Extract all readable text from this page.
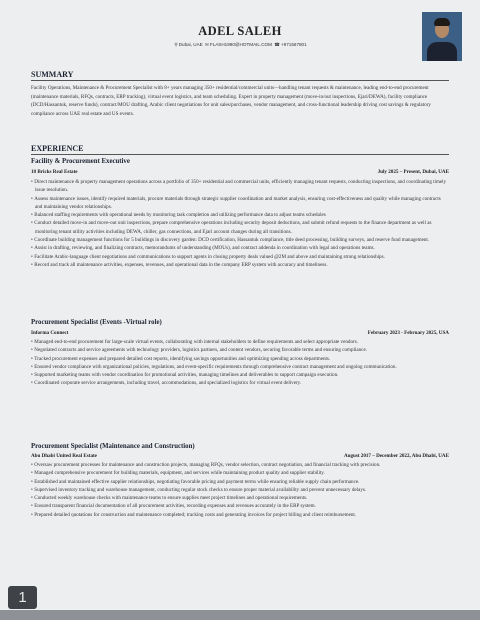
ADEL SALEH
⚲Dubai, UAE ✉FLASH1990@HOTMAIL.COM ☎+971567801
SUMMARY
Facility Operations, Maintenance & Procurement Specialist with 8+ years managing 350+ residential/commercial units—handling tenant requests & maintenance, leading end-to-end procurement (maintenance materials, RFQs, contracts, ERP tracking), virtual event logistics, and team scheduling. Expert in property management (move-in/out inspections, Ejari/DEWA), facility compliance (DCD/Hassantuk, reserve funds), contract/MOU drafting, Arabic client negotiations for unit sales/purchases, vendor management, and cross-functional leadership driving cost savings & regulatory compliance across UAE real estate and US events.
EXPERIENCE
Facility & Procurement Executive
18 Bricks Real Estate	July 2025 – Present, Dubai, UAE
• Direct maintenance & property management operations across a portfolio of 350+ residential and commercial units, efficiently managing tenant requests, conducting inspections, and coordinating timely issue resolution.
• Assess maintenance issues, identify required materials, procure materials through strategic supplier coordination and market analysis, ensuring cost-effectiveness and quality while managing contracts and maintaining vendor relationships.
• Balanced staffing requirements with operational needs by monitoring task completion and utilizing performance data to adjust teams schedules
• Conduct detailed move-in and move-out unit inspections, prepare comprehensive operations including security deposit deductions, and submit refund requests to the finance department as well as monitoring tenant utility activities including DEWA, chiller, gas connections, and Ejari account changes during all transitions.
• Coordinate building management functions for 5 buildings in discovery garden: DCD certification, Hassantuk compliance, title deed processing, building surveys, and reserve fund management.
• Assist in drafting, reviewing, and finalizing contracts, memorandums of understanding (MOUs), and contract addenda in coordination with legal and operations teams.
• Facilitate Arabic-language client negotiations and communications to support agents in closing property deals valued @2M and above and maintaining strong relationships.
• Record and track all maintenance activities, expenses, revenues, and operational data in the company ERP system with accuracy and timeliness.
Procurement Specialist (Events -Virtual role)
Informa Connect	February 2023 - February 2025, USA
• Managed end-to-end procurement for large-scale virtual events, collaborating with internal stakeholders to define requirements and select appropriate vendors.
• Negotiated contracts and service agreements with technology providers, logistics partners, and content vendors, securing favorable terms and ensuring compliance.
• Tracked procurement expenses and prepared detailed cost reports, identifying savings opportunities and optimizing spending across departments.
• Ensured vendor compliance with organizational policies, regulations, and event-specific requirements through comprehensive contract management and ongoing communication.
• Supported marketing teams with vendor coordination for promotional activities, managing timelines and deliverables to support campaign execution.
• Coordinated corporate service arrangements, including travel, accommodations, and specialized logistics for virtual event delivery.
Procurement Specialist (Maintenance and Construction)
Abu Dhabi United Real Estate	August 2017 – December 2022, Abu Dhabi, UAE
• Oversaw procurement processes for maintenance and construction projects, managing RFQs, vendor selection, contract negotiation, and financial tracking with precision.
• Managed comprehensive procurement for building materials, equipment, and services while maintaining product quality and supplier stability.
• Established and maintained effective supplier relationships, negotiating favorable pricing and payment terms while ensuring reliable supply chain performance.
• Supervised inventory tracking and warehouse management, conducting regular stock checks to ensure proper material availability and prevent unnecessary delays.
• Conducted weekly warehouse checks with maintenance teams to ensure supplies meet project timelines and operational requirements.
• Ensured transparent financial documentation of all procurement activities, recording expenses and revenues accurately in the ERP system.
• Prepared detailed quotations for construction and maintenance completed; tracking costs and generating invoices for project billing and client reimbursement.
1
